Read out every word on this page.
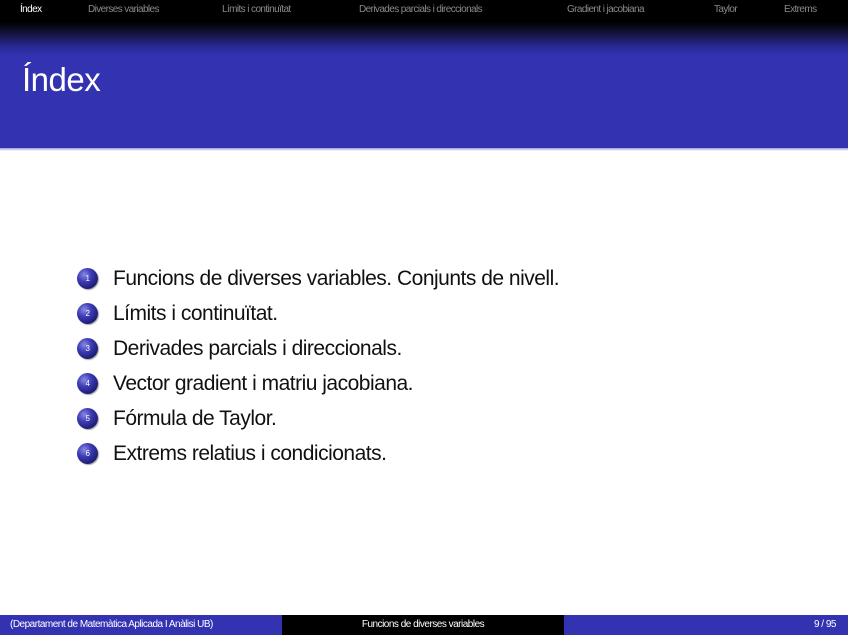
Índex	Diverses variables	Límits i continuïtat	Derivades parcials i direccionals	Gradient i jacobiana	Taylor	Extrems
Índex
1	Funcions de diverses variables. Conjunts de nivell.
2	Límits i continuïtat.
3	Derivades parcials i direccionals.
4	Vector gradient i matriu jacobiana.
5	Fórmula de Taylor.
6	Extrems relatius i condicionats.
(Departament de Matemàtica Aplicada I Anàlisi UB)	Funcions de diverses variables	9 / 95
